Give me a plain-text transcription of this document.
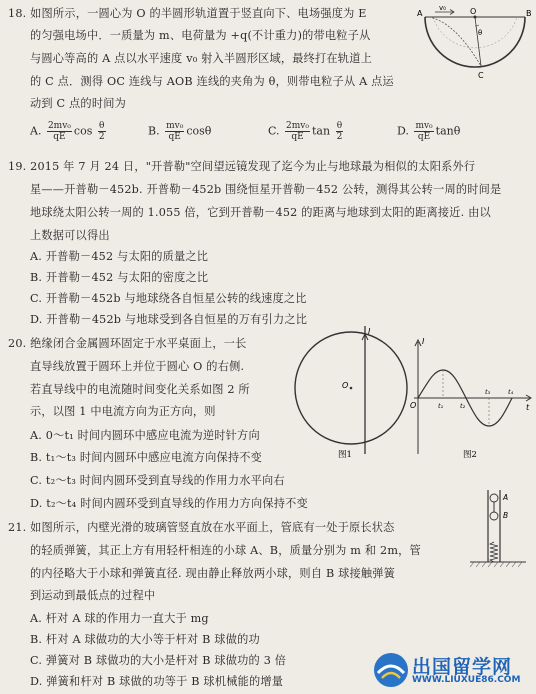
18. 如图所示，一圆心为 O 的半圆形轨道置于竖直向下、电场强度为 E
的匀强电场中．一质量为 m、电荷量为 +q(不计重力)的带电粒子从
与圆心等高的 A 点以水平速度 v₀ 射入半圆形区域，最终打在轨道上
的 C 点．测得 OC 连线与 AOB 连线的夹角为 θ，则带电粒子从 A 点运
动到 C 点的时间为
A. $\frac{\text{2mv₀}}{qE}$ $\cos \frac{\theta}{2}$	B. $\frac{\text{mv₀}}{qE}$ cosθ	C. $\frac{\text{2mv₀}}{qE}$ $\tan \frac{\theta}{2}$	D. $\frac{\text{mv₀}}{qE}$ tanθ
A	O	B
C
v₀
θ
19. 2015 年 7 月 24 日，"开普勒"空间望远镜发现了迄今为止与地球最为相似的太阳系外行
星——开普勒－452b. 开普勒－452b 围绕恒星开普勒－452 公转，测得其公转一周的时间是
地球绕太阳公转一周的 1.055 倍，它到开普勒－452 的距离与地球到太阳的距离接近. 由以
上数据可以得出
A. 开普勒－452 与太阳的质量之比
B. 开普勒－452 与太阳的密度之比
C. 开普勒－452b 与地球绕各自恒星公转的线速度之比
D. 开普勒－452b 与地球受到各自恒星的万有引力之比
20. 绝缘闭合金属圆环固定于水平桌面上，一长
直导线放置于圆环上并位于圆心 O 的右侧.
若直导线中的电流随时间变化关系如图 2 所
示，以图 1 中电流方向为正方向，则
A. 0～t₁ 时间内圆环中感应电流为逆时针方向
B. t₁～t₃ 时间内圆环中感应电流方向保持不变
C. t₂～t₃ 时间内圆环受到直导线的作用力水平向右
D. t₂～t₄ 时间内圆环受到直导线的作用力方向保持不变
I
O
图1
I
O	t
t₁	t₂
t₃	t₄
图2
21. 如图所示，内壁光滑的玻璃管竖直放在水平面上，管底有一处于原长状态
的轻质弹簧，其正上方有用轻杆相连的小球 A、B，质量分别为 m 和 2m，管
的内径略大于小球和弹簧直径. 现由静止释放两小球，则自 B 球接触弹簧
到运动到最低点的过程中
A. 杆对 A 球的作用力一直大于 mg
B. 杆对 A 球做功的大小等于杆对 B 球做的功
C. 弹簧对 B 球做功的大小是杆对 B 球做功的 3 倍
D. 弹簧和杆对 B 球做的功等于 B 球机械能的增量
A
B
出国留学网
WWW.LIUXUE86.COM
